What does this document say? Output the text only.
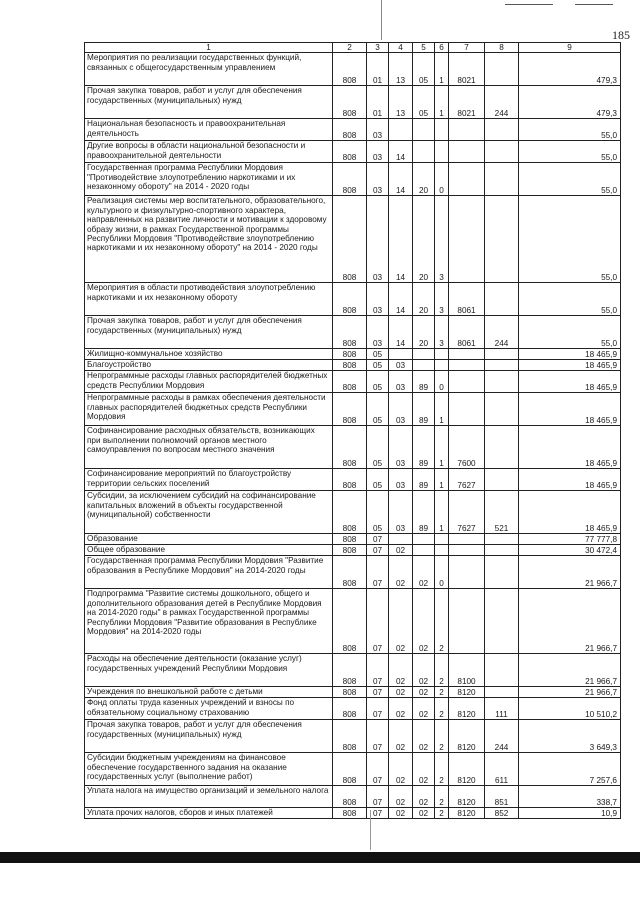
185
1	2	3	4	5	6	7	8	9
Мероприятия по реализации государственных функций, связанных с общегосударственным управлением	808	01	13	05	1	8021		479,3
Прочая закупка товаров, работ и услуг для обеспечения государственных (муниципальных) нужд	808	01	13	05	1	8021	244	479,3
Национальная безопасность и правоохранительная деятельность	808	03						55,0
Другие вопросы в области национальной безопасности и правоохранительной деятельности	808	03	14					55,0
Государственная программа Республики Мордовия "Противодействие злоупотреблению наркотиками и их незаконному обороту" на 2014 - 2020 годы	808	03	14	20	0			55,0
Реализация системы мер воспитательного, образовательного, культурного и физкультурно-спортивного характера, направленных на развитие личности и мотивации к здоровому образу жизни, в рамках Государственной программы Республики Мордовия "Противодействие злоупотреблению наркотиками и их незаконному обороту" на 2014 - 2020 годы	808	03	14	20	3			55,0
Мероприятия в области противодействия злоупотреблению наркотиками и их незаконному обороту	808	03	14	20	3	8061		55,0
Прочая закупка товаров, работ и услуг для обеспечения государственных (муниципальных) нужд	808	03	14	20	3	8061	244	55,0
Жилищно-коммунальное хозяйство	808	05						18 465,9
Благоустройство	808	05	03					18 465,9
Непрограммные расходы главных распорядителей бюджетных средств Республики Мордовия	808	05	03	89	0			18 465,9
Непрограммные расходы в рамках обеспечения деятельности главных распорядителей бюджетных средств Республики Мордовия	808	05	03	89	1			18 465,9
Софинансирование расходных обязательств, возникающих при выполнении полномочий органов местного самоуправления по вопросам местного значения	808	05	03	89	1	7600		18 465,9
Софинансирование мероприятий по благоустройству территории сельских поселений	808	05	03	89	1	7627		18 465,9
Субсидии, за исключением субсидий на софинансирование капитальных вложений в объекты государственной (муниципальной) собственности	808	05	03	89	1	7627	521	18 465,9
Образование	808	07						77 777,8
Общее образование	808	07	02					30 472,4
Государственная программа Республики Мордовия "Развитие образования в Республике Мордовия" на 2014-2020 годы	808	07	02	02	0			21 966,7
Подпрограмма "Развитие системы дошкольного, общего и дополнительного образования детей в Республике Мордовия на 2014-2020 годы" в рамках Государственной программы Республики Мордовия "Развитие образования в Республике Мордовия" на 2014-2020 годы	808	07	02	02	2			21 966,7
Расходы на обеспечение деятельности (оказание услуг) государственных учреждений Республики Мордовия	808	07	02	02	2	8100		21 966,7
Учреждения по внешкольной работе с детьми	808	07	02	02	2	8120		21 966,7
Фонд оплаты труда казенных учреждений и взносы по обязательному социальному страхованию	808	07	02	02	2	8120	111	10 510,2
Прочая закупка товаров, работ и услуг для обеспечения государственных (муниципальных) нужд	808	07	02	02	2	8120	244	3 649,3
Субсидии бюджетным учреждениям на финансовое обеспечение государственного задания на оказание государственных услуг (выполнение работ)	808	07	02	02	2	8120	611	7 257,6
Уплата налога на имущество организаций и земельного налога	808	07	02	02	2	8120	851	338,7
Уплата прочих налогов, сборов и иных платежей	808	07	02	02	2	8120	852	10,9
